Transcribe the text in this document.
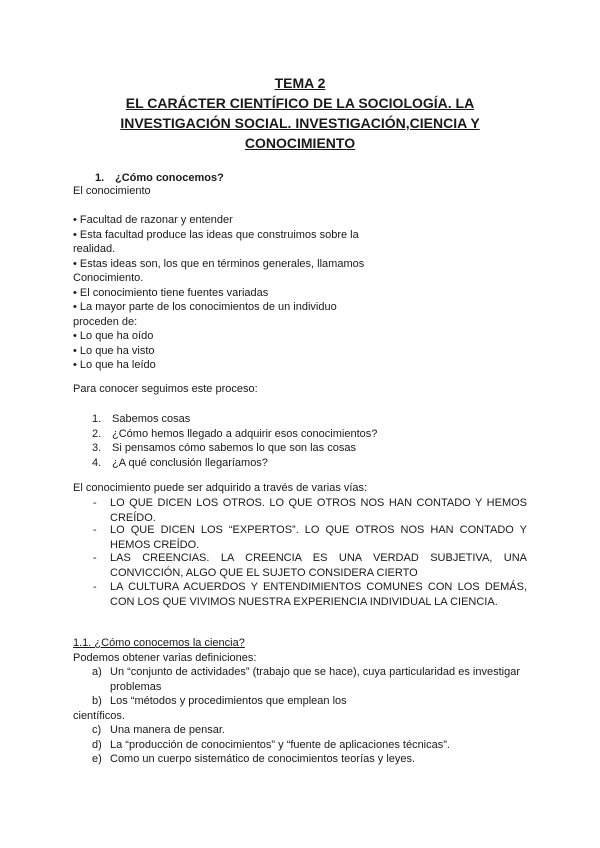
TEMA 2
EL CARÁCTER CIENTÍFICO DE LA SOCIOLOGÍA. LA
INVESTIGACIÓN SOCIAL. INVESTIGACIÓN,CIENCIA Y
CONOCIMIENTO
1. ¿Cómo conocemos?
El conocimiento
• Facultad de razonar y entender
• Esta facultad produce las ideas que construimos sobre la
realidad.
• Estas ideas son, los que en términos generales, llamamos
Conocimiento.
• El conocimiento tiene fuentes variadas
• La mayor parte de los conocimientos de un individuo
proceden de:
• Lo que ha oído
• Lo que ha visto
• Lo que ha leído
Para conocer seguimos este proceso:
1. Sabemos cosas
2. ¿Cómo hemos llegado a adquirir esos conocimientos?
3. Si pensamos cómo sabemos lo que son las cosas
4. ¿A qué conclusión llegaríamos?
El conocimiento puede ser adquirido a través de varias vías:
- LO QUE DICEN LOS OTROS. LO QUE OTROS NOS HAN CONTADO Y HEMOS CREÍDO.
- LO QUE DICEN LOS “EXPERTOS”. LO QUE OTROS NOS HAN CONTADO Y HEMOS CREÍDO.
- LAS CREENCIAS. LA CREENCIA ES UNA VERDAD SUBJETIVA, UNA CONVICCIÓN, ALGO QUE EL SUJETO CONSIDERA CIERTO
- LA CULTURA ACUERDOS Y ENTENDIMIENTOS COMUNES CON LOS DEMÁS, CON LOS QUE VIVIMOS NUESTRA EXPERIENCIA INDIVIDUAL LA CIENCIA.
1.1. ¿Cómo conocemos la ciencia?
Podemos obtener varias definiciones:
a) Un “conjunto de actividades” (trabajo que se hace), cuya particularidad es investigar problemas
b) Los “métodos y procedimientos que emplean los
científicos.
c) Una manera de pensar.
d) La “producción de conocimientos” y “fuente de aplicaciones técnicas”.
e) Como un cuerpo sistemático de conocimientos teorías y leyes.
